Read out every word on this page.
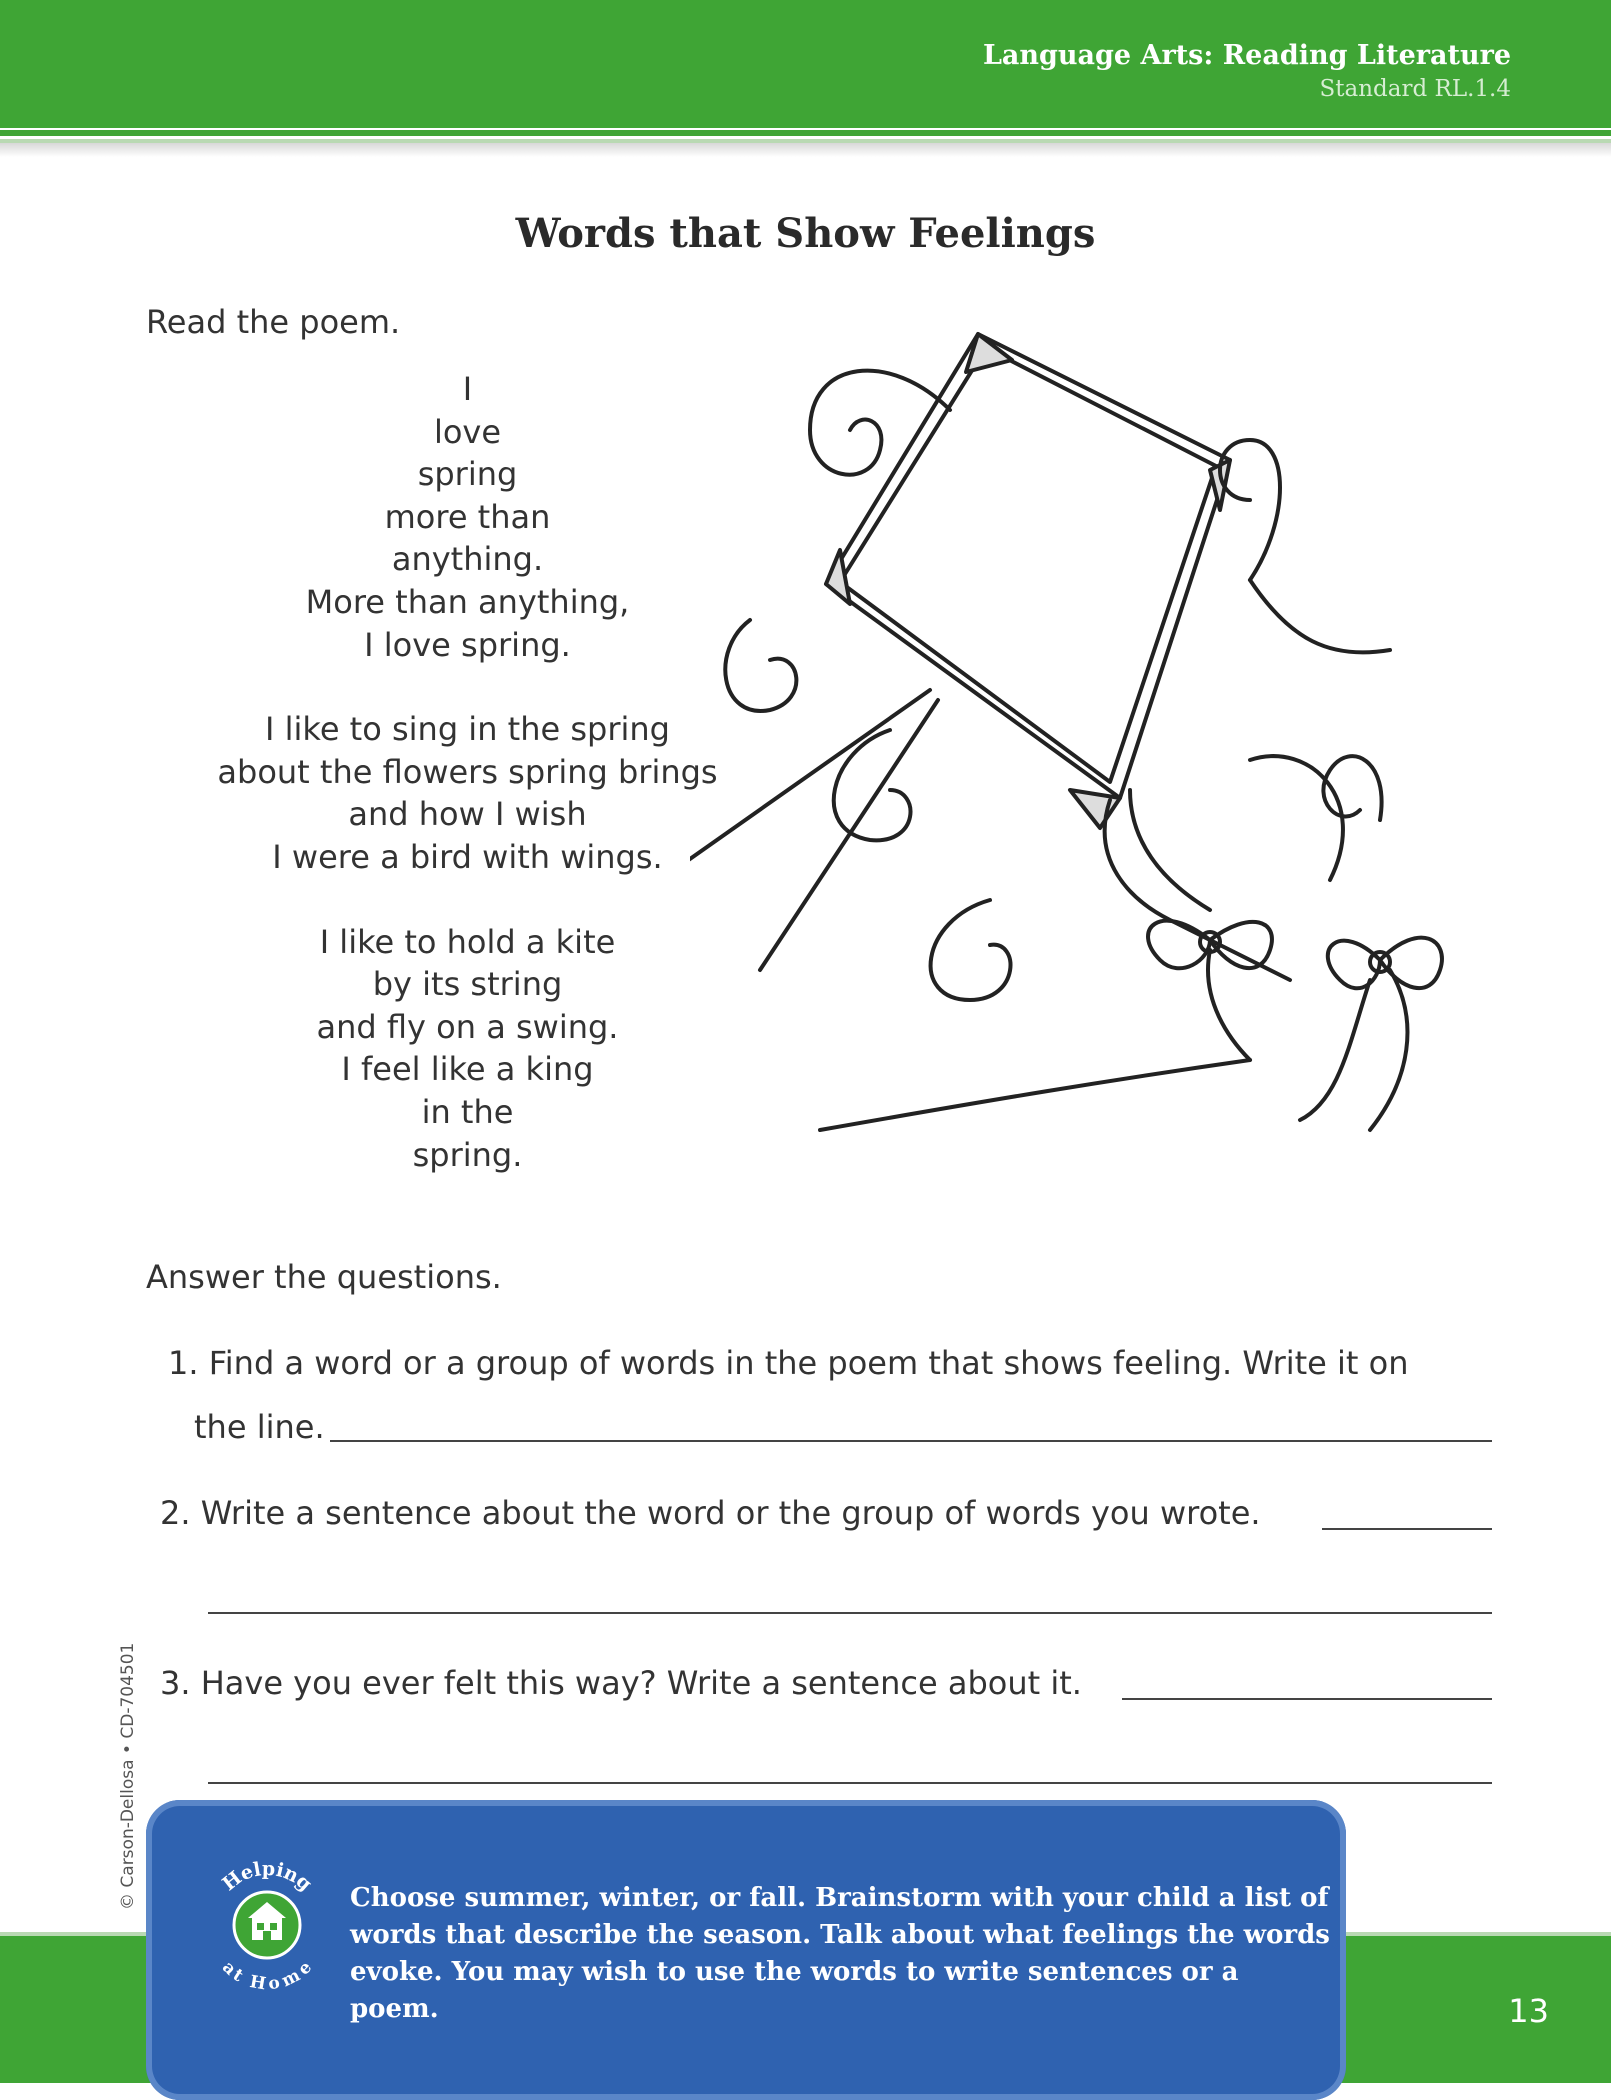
Language Arts: Reading Literature
Standard RL.1.4
Words that Show Feelings
Read the poem.
I
love
spring
more than
anything.
More than anything,
I love spring.
I like to sing in the spring
about the flowers spring brings
and how I wish
I were a bird with wings.
I like to hold a kite
by its string
and fly on a swing.
I feel like a king
in the
spring.
Answer the questions.
1. Find a word or a group of words in the poem that shows feeling. Write it on
the line.
2. Write a sentence about the word or the group of words you wrote.
3. Have you ever felt this way? Write a sentence about it.
© Carson-Dellosa • CD-704501
13
Helping
at Home
Choose summer, winter, or fall. Brainstorm with your child a list of words that describe the season. Talk about what feelings the words evoke. You may wish to use the words to write sentences or a poem.
